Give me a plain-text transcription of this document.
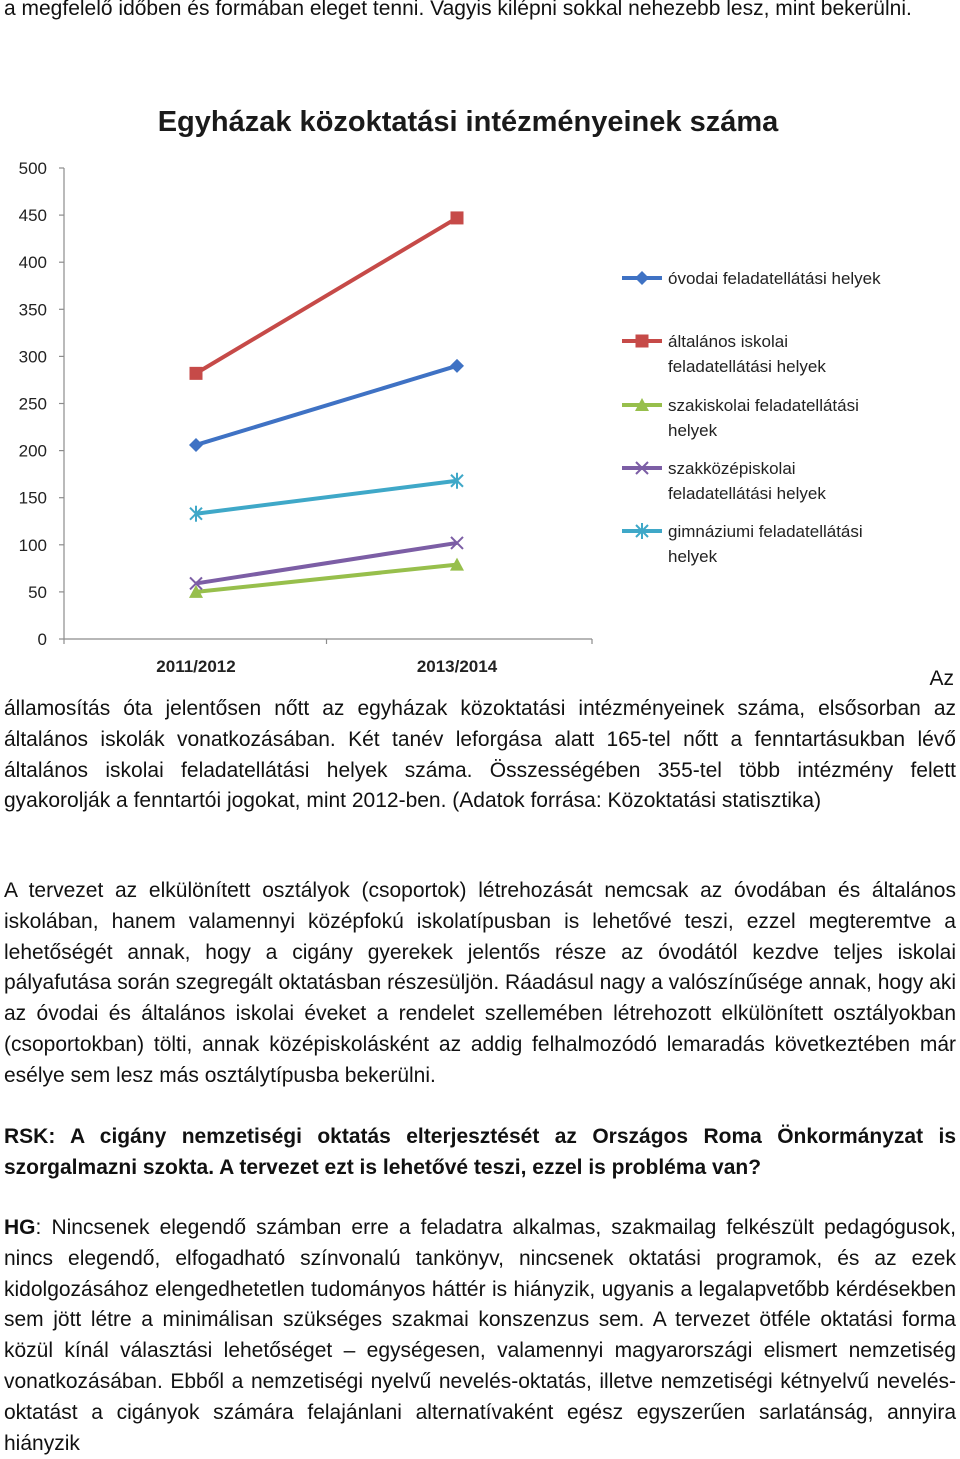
a megfelelő időben és formában eleget tenni. Vagyis kilépni sokkal nehezebb lesz, mint bekerülni.

Egyházak közoktatási intézményeinek száma
0
50
100
150
200
250
300
350
400
450
500
2011/2012	2013/2014
óvodai feladatellátási helyek
általános iskolai
feladatellátási helyek
szakiskolai feladatellátási
helyek
szakközépiskolai
feladatellátási helyek
gimnáziumi feladatellátási
helyek
Az

államosítás óta jelentősen nőtt az egyházak közoktatási intézményeinek száma, elsősorban az általános iskolák vonatkozásában. Két tanév leforgása alatt 165-tel nőtt a fenntartásukban lévő általános iskolai feladatellátási helyek száma. Összességében 355-tel több intézmény felett gyakorolják a fenntartói jogokat, mint 2012-ben. (Adatok forrása: Közoktatási statisztika)

A tervezet az elkülönített osztályok (csoportok) létrehozását nemcsak az óvodában és általános iskolában, hanem valamennyi középfokú iskolatípusban is lehetővé teszi, ezzel megteremtve a lehetőségét annak, hogy a cigány gyerekek jelentős része az óvodától kezdve teljes iskolai pályafutása során szegregált oktatásban részesüljön. Ráadásul nagy a valószínűsége annak, hogy aki az óvodai és általános iskolai éveket a rendelet szellemében létrehozott elkülönített osztályokban (csoportokban) tölti, annak középiskolásként az addig felhalmozódó lemaradás következtében már esélye sem lesz más osztálytípusba bekerülni.

RSK: A cigány nemzetiségi oktatás elterjesztését az Országos Roma Önkormányzat is szorgalmazni szokta. A tervezet ezt is lehetővé teszi, ezzel is probléma van?

HG: Nincsenek elegendő számban erre a feladatra alkalmas, szakmailag felkészült pedagógusok, nincs elegendő, elfogadható színvonalú tankönyv, nincsenek oktatási programok, és az ezek kidolgozásához elengedhetetlen tudományos háttér is hiányzik, ugyanis a legalapvetőbb kérdésekben sem jött létre a minimálisan szükséges szakmai konszenzus sem. A tervezet ötféle oktatási forma közül kínál választási lehetőséget – egységesen, valamennyi magyarországi elismert nemzetiség vonatkozásában. Ebből a nemzetiségi nyelvű nevelés-oktatás, illetve nemzetiségi kétnyelvű nevelés-oktatást a cigányok számára felajánlani alternatívaként egész egyszerűen sarlatánság, annyira hiányzik
